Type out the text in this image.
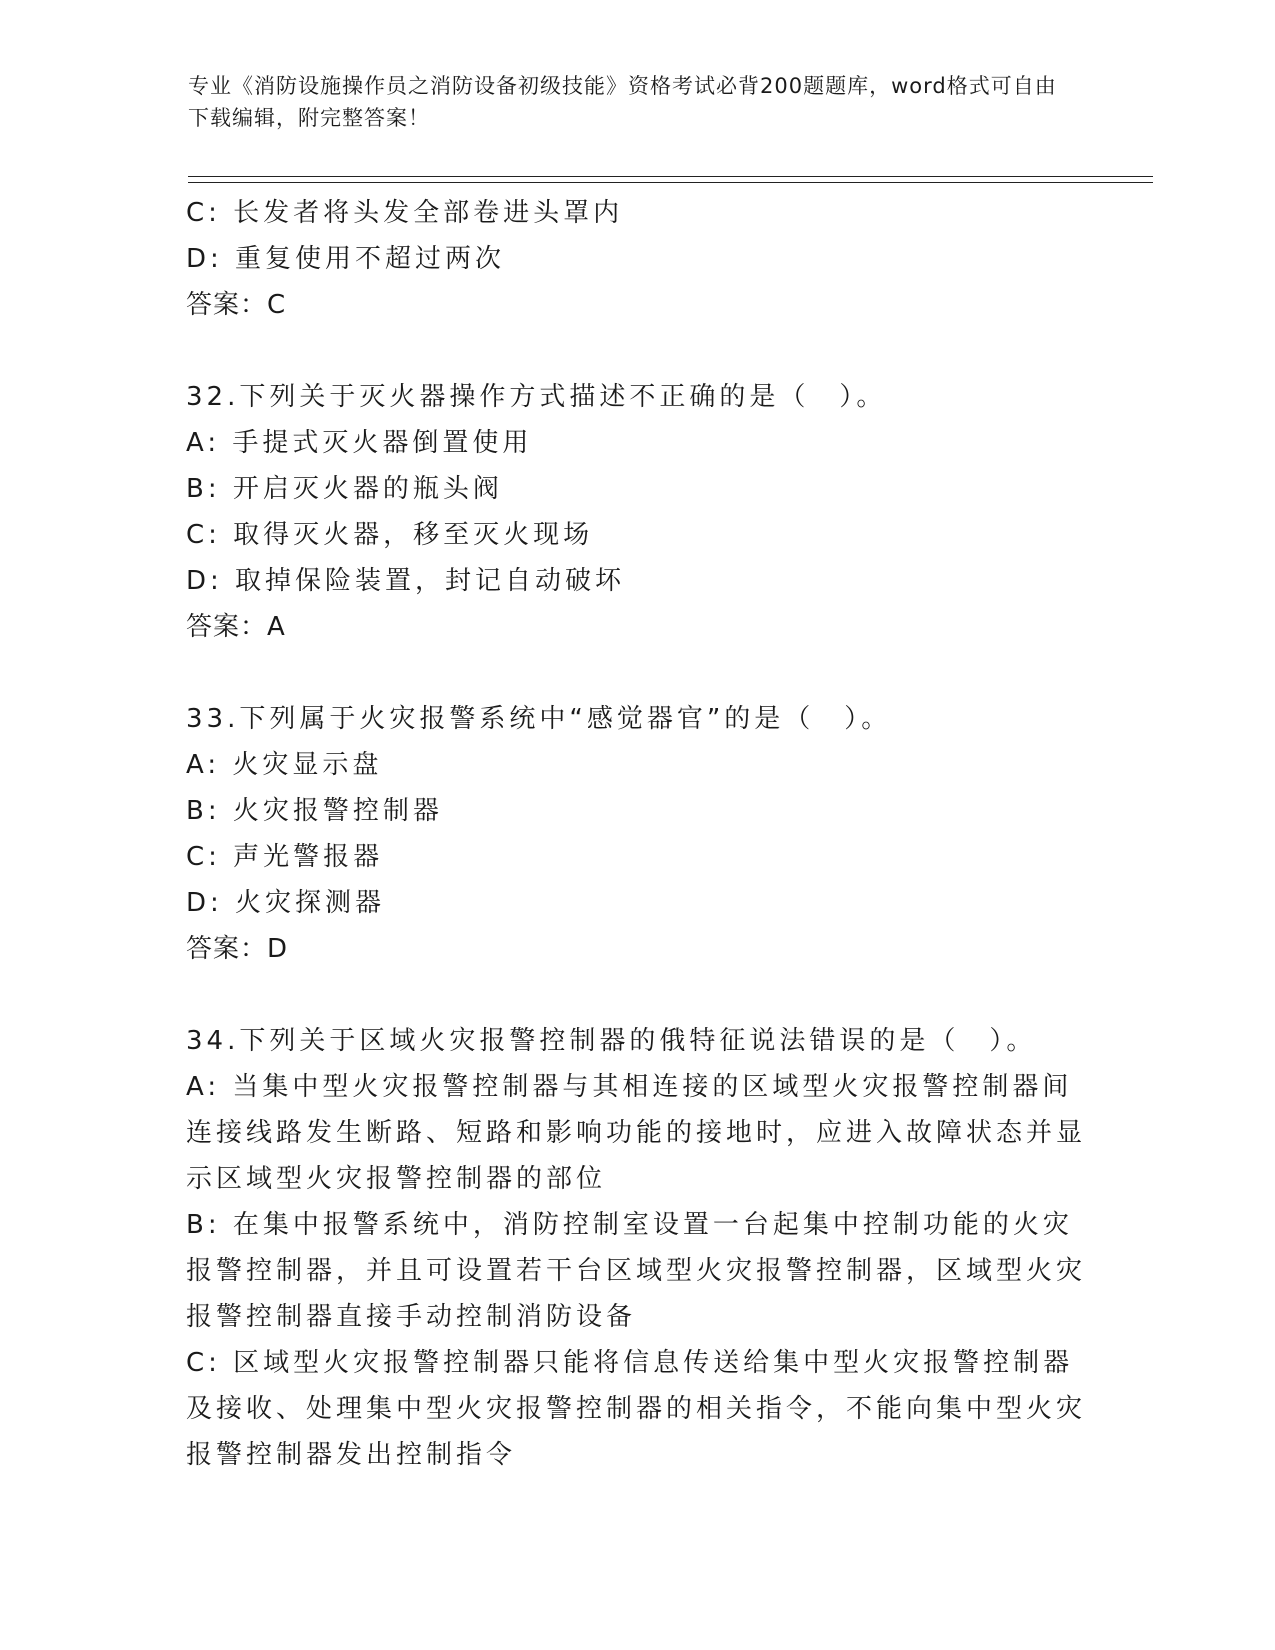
专业《消防设施操作员之消防设备初级技能》资格考试必背200题题库，word格式可自由下载编辑，附完整答案！
C: 长发者将头发全部卷进头罩内
D: 重复使用不超过两次
答案：C
32.下列关于灭火器操作方式描述不正确的是（　）。
A: 手提式灭火器倒置使用
B: 开启灭火器的瓶头阀
C: 取得灭火器，移至灭火现场
D: 取掉保险装置，封记自动破坏
答案：A
33.下列属于火灾报警系统中“感觉器官”的是（　）。
A: 火灾显示盘
B: 火灾报警控制器
C: 声光警报器
D: 火灾探测器
答案：D
34.下列关于区域火灾报警控制器的俄特征说法错误的是（　）。
A: 当集中型火灾报警控制器与其相连接的区域型火灾报警控制器间连接线路发生断路、短路和影响功能的接地时，应进入故障状态并显示区域型火灾报警控制器的部位
B: 在集中报警系统中，消防控制室设置一台起集中控制功能的火灾报警控制器，并且可设置若干台区域型火灾报警控制器，区域型火灾报警控制器直接手动控制消防设备
C: 区域型火灾报警控制器只能将信息传送给集中型火灾报警控制器及接收、处理集中型火灾报警控制器的相关指令，不能向集中型火灾报警控制器发出控制指令
